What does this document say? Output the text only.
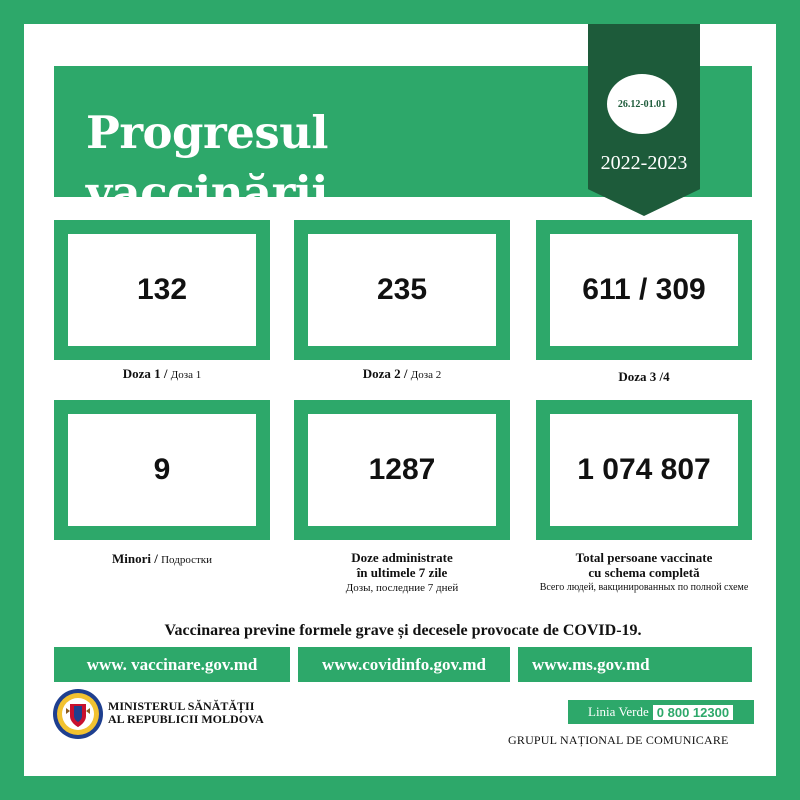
Progresul vaccinării
26.12-01.01
2022-2023
132
Doza 1 / Доза 1
235
Doza 2 / Доза 2
611 / 309
Doza 3 /4
9
Minori / Подростки
1287
Doze administrate
în ultimele 7 zile
Дозы, последние 7 дней
1 074 807
Total persoane vaccinate
cu schema completă
Всего людей, вакцинированных по полной схеме
Vaccinarea previne formele grave și decesele provocate de COVID-19.
www. vaccinare.gov.md	www.covidinfo.gov.md	www.ms.gov.md
MINISTERUL SĂNĂTĂȚII
AL REPUBLICII MOLDOVA	Linia Verde 0 800 12300
GRUPUL NAȚIONAL DE COMUNICARE
